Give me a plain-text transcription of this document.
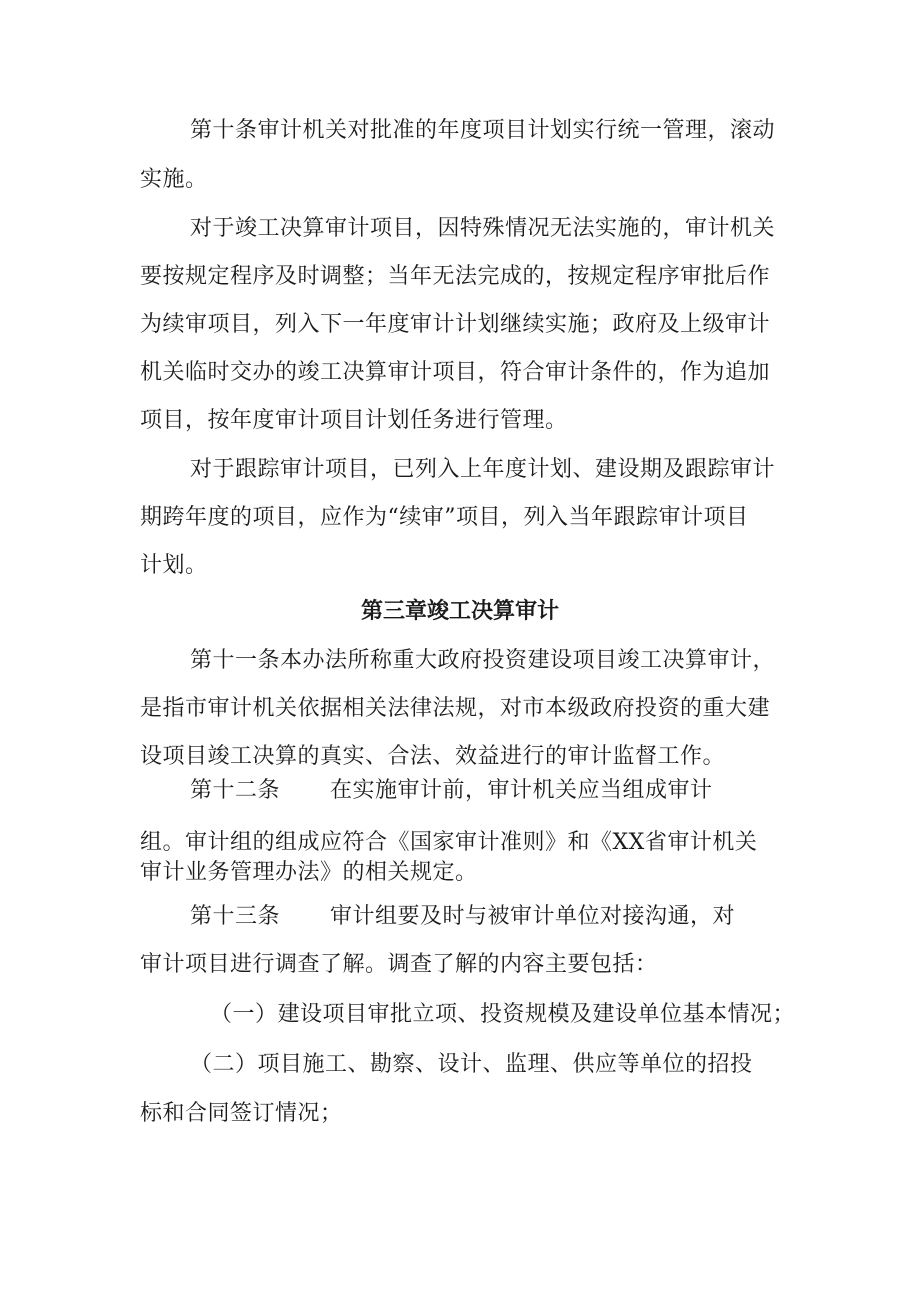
第十条审计机关对批准的年度项目计划实行统一管理，滚动
实施。
对于竣工决算审计项目，因特殊情况无法实施的，审计机关
要按规定程序及时调整；当年无法完成的，按规定程序审批后作
为续审项目，列入下一年度审计计划继续实施；政府及上级审计
机关临时交办的竣工决算审计项目，符合审计条件的，作为追加
项目，按年度审计项目计划任务进行管理。
对于跟踪审计项目，已列入上年度计划、建设期及跟踪审计
期跨年度的项目，应作为“续审”项目，列入当年跟踪审计项目
计划。
第三章竣工决算审计
第十一条本办法所称重大政府投资建设项目竣工决算审计，
是指市审计机关依据相关法律法规，对市本级政府投资的重大建
设项目竣工决算的真实、合法、效益进行的审计监督工作。
第十二条 在实施审计前，审计机关应当组成审计
组。审计组的组成应符合《国家审计准则》和《XX省审计机关
审计业务管理办法》的相关规定。
第十三条 审计组要及时与被审计单位对接沟通，对
审计项目进行调查了解。调查了解的内容主要包括：
（一）建设项目审批立项、投资规模及建设单位基本情况；
（二）项目施工、勘察、设计、监理、供应等单位的招投
标和合同签订情况；
